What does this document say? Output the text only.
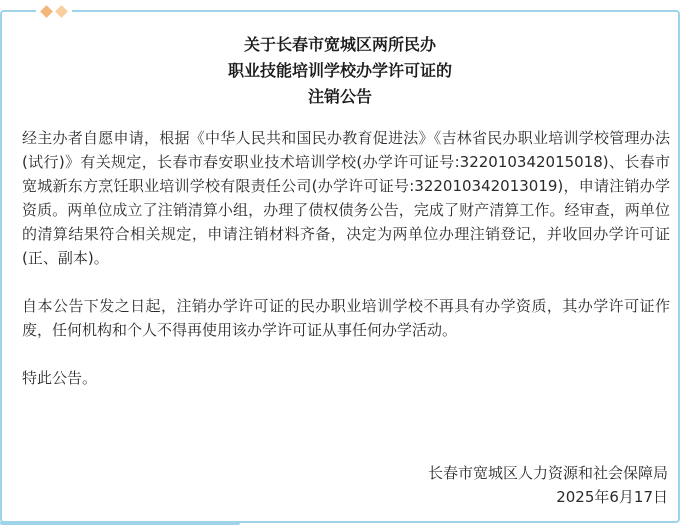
关于长春市宽城区两所民办
职业技能培训学校办学许可证的
注销公告

经主办者自愿申请，根据《中华人民共和国民办教育促进法》《吉林省民办职业培训学校管理办法(试行)》有关规定，长春市春安职业技术培训学校(办学许可证号:322010342015018)、长春市宽城新东方烹饪职业培训学校有限责任公司(办学许可证号:322010342013019)，申请注销办学资质。两单位成立了注销清算小组，办理了债权债务公告，完成了财产清算工作。经审查，两单位的清算结果符合相关规定，申请注销材料齐备，决定为两单位办理注销登记，并收回办学许可证(正、副本)。

自本公告下发之日起，注销办学许可证的民办职业培训学校不再具有办学资质，其办学许可证作废，任何机构和个人不得再使用该办学许可证从事任何办学活动。

特此公告。

长春市宽城区人力资源和社会保障局
2025年6月17日
